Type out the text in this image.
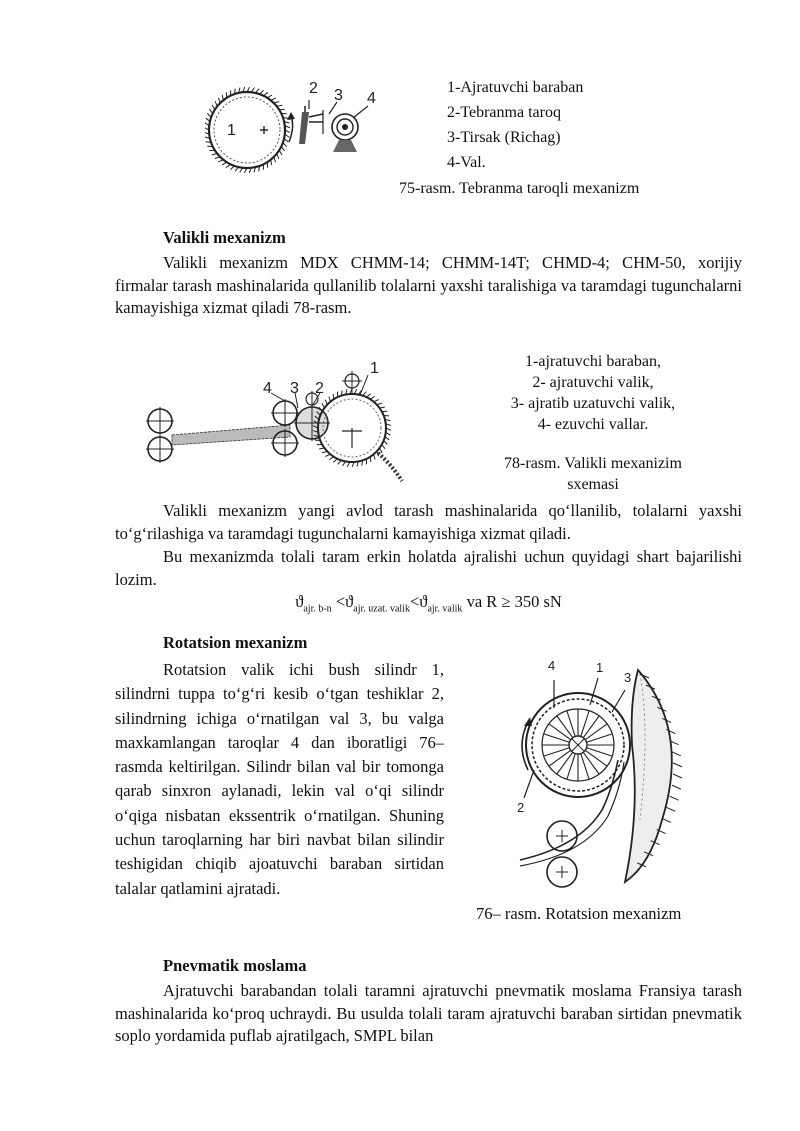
1
2 3 4
1-Ajratuvchi baraban
2-Tebranma taroq
3-Tirsak (Richag)
4-Val.
75-rasm. Tebranma taroqli mexanizm
Valikli mexanizm
Valikli mexanizm MDX CHMM-14; CHMM-14T; CHMD-4; CHM-50, xorijiy firmalar tarash mashinalarida qullanilib tolalarni yaxshi taralishiga va taramdagi tugunchalarni kamayishiga xizmat qiladi 78-rasm.
4 3 2
1	1-ajratuvchi baraban,
2- ajratuvchi valik,
3- ajratib uzatuvchi valik,
4- ezuvchi vallar.
78-rasm. Valikli mexanizim
sxemasi
Valikli mexanizm yangi avlod tarash mashinalarida qo‘llanilib, tolalarni yaxshi to‘g‘rilashiga va taramdagi tugunchalarni kamayishiga xizmat qiladi.
Bu mexanizmda tolali taram erkin holatda ajralishi uchun quyidagi shart bajarilishi lozim.
$ϑ_{ajr. b-n} <ϑ_{ajr. uzat. valik}<ϑ_{ajr. valik}$ va R ≥ 350 sN
Rotatsion mexanizm
Rotatsion valik ichi bush silindr 1, silindrni tuppa to‘g‘ri kesib o‘tgan teshiklar 2, silindrning ichiga o‘rnatilgan val 3, bu valga maxkamlangan taroqlar 4 dan iboratligi 76– rasmda keltirilgan. Silindr bilan val bir tomonga qarab sinxron aylanadi, lekin val o‘qi silindr o‘qiga nisbatan ekssentrik o‘rnatilgan. Shuning uchun taroqlarning har biri navbat bilan silindir teshigidan chiqib ajoatuvchi baraban sirtidan talalar qatlamini ajratadi.
4	1
3
2
76– rasm. Rotatsion mexanizm
Pnevmatik moslama
Ajratuvchi barabandan tolali taramni ajratuvchi pnevmatik moslama Fransiya tarash mashinalarida ko‘proq uchraydi. Bu usulda tolali taram ajratuvchi baraban sirtidan pnevmatik soplo yordamida puflab ajratilgach, SMPL bilan
